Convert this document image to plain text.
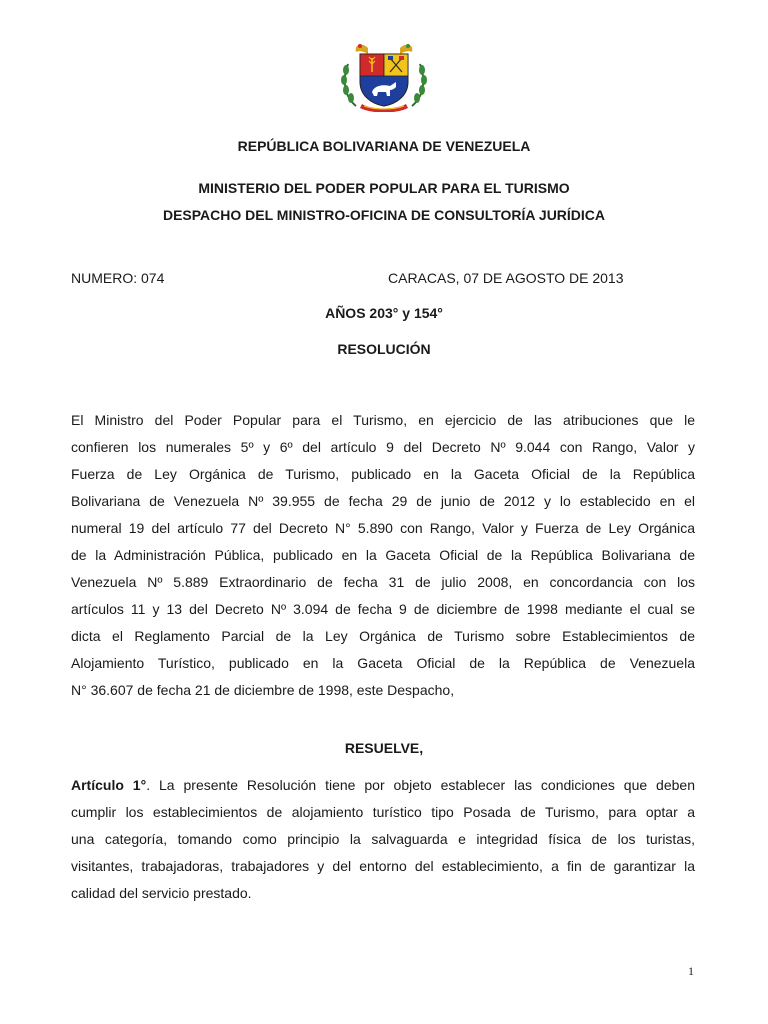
REPÚBLICA BOLIVARIANA DE VENEZUELA
MINISTERIO DEL PODER POPULAR PARA EL TURISMO
DESPACHO DEL MINISTRO-OFICINA DE CONSULTORÍA JURÍDICA
NUMERO: 074	CARACAS, 07 DE AGOSTO DE 2013
AÑOS 203° y 154°
RESOLUCIÓN
El Ministro del Poder Popular para el Turismo, en ejercicio de las atribuciones que le
confieren los numerales 5º y 6º del artículo 9 del Decreto Nº 9.044 con Rango, Valor y
Fuerza de Ley Orgánica de Turismo, publicado en la Gaceta Oficial de la República
Bolivariana de Venezuela Nº 39.955 de fecha 29 de junio de 2012 y lo establecido en el
numeral 19 del artículo 77 del Decreto N° 5.890 con Rango, Valor y Fuerza de Ley Orgánica
de la Administración Pública, publicado en la Gaceta Oficial de la República Bolivariana de
Venezuela Nº 5.889 Extraordinario de fecha 31 de julio 2008, en concordancia con los
artículos 11 y 13 del Decreto Nº 3.094 de fecha 9 de diciembre de 1998 mediante el cual se
dicta el Reglamento Parcial de la Ley Orgánica de Turismo sobre Establecimientos de
Alojamiento Turístico, publicado en la Gaceta Oficial de la República de Venezuela
N° 36.607 de fecha 21 de diciembre de 1998, este Despacho,
RESUELVE,
Artículo 1°. La presente Resolución tiene por objeto establecer las condiciones que deben
cumplir los establecimientos de alojamiento turístico tipo Posada de Turismo, para optar a
una categoría, tomando como principio la salvaguarda e integridad física de los turistas,
visitantes, trabajadoras, trabajadores y del entorno del establecimiento, a fin de garantizar la
calidad del servicio prestado.
1
